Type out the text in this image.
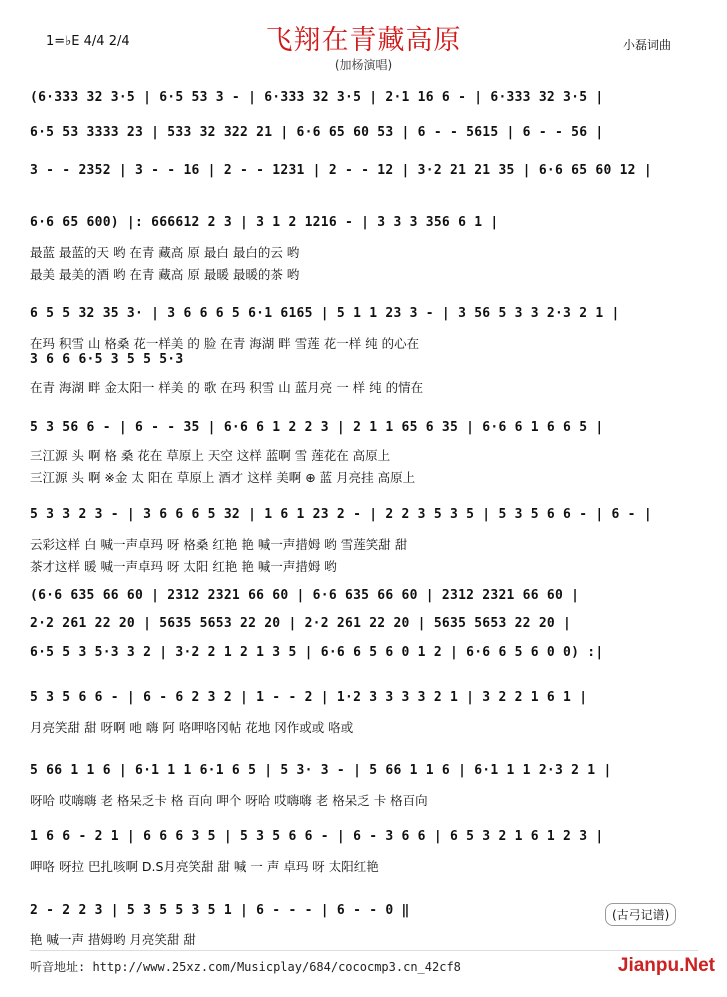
1=♭E 4/4 2/4	飞翔在青藏高原	小磊词曲
(加杨演唱)
(6·333 32 3·5 | 6·5 53 3 - | 6·333 32 3·5 | 2·1 16 6 - | 6·333 32 3·5 |
6·5 53 3333 23 | 533 32 322 21 | 6·6 65 60 53 | 6 - - 5615 | 6 - - 56 |
3 - - 2352 | 3 - - 16 | 2 - - 1231 | 2 - - 12 | 3·2 21 21 35 | 6·6 65 60 12 |
6·6 65 600) |: 666612 2 3 | 3 1 2 1216 - | 3 3 3 356 6 1 |
最蓝 最蓝的天 哟 在青 藏高 原 最白 最白的云 哟
最美 最美的酒 哟 在青 藏高 原 最暖 最暖的茶 哟
6 5 5 32 35 3· | 3 6 6 6 5 6·1 6165 | 5 1 1 23 3 - | 3 56 5 3 3 2·3 2 1 |
在玛 积雪 山 格桑 花一样美 的 脸 在青 海湖 畔 雪莲 花一样 纯 的心在
3 6 6 6·5 3 5 5 5·3
在青 海湖 畔 金太阳一 样美 的 歌 在玛 积雪 山 蓝月亮 一 样 纯 的情在
5 3 56 6 - | 6 - - 35 | 6·6 6 1 2 2 3 | 2 1 1 65 6 35 | 6·6 6 1 6 6 5 |
三江源 头 啊 格 桑 花在 草原上 天空 这样 蓝啊 雪 莲花在 高原上
三江源 头 啊 ※金 太 阳在 草原上 酒才 这样 美啊 ⊕ 蓝 月亮挂 高原上
5 3 3 2 3 - | 3 6 6 6 5 32 | 1 6 1 23 2 - | 2 2 3 5 3 5 | 5 3 5 6 6 - | 6 - |
云彩这样 白 喊一声卓玛 呀 格桑 红艳 艳 喊一声措姆 哟 雪莲笑甜 甜
茶才这样 暖 喊一声卓玛 呀 太阳 红艳 艳 喊一声措姆 哟
(6·6 635 66 60 | 2312 2321 66 60 | 6·6 635 66 60 | 2312 2321 66 60 |
2·2 261 22 20 | 5635 5653 22 20 | 2·2 261 22 20 | 5635 5653 22 20 |
6·5 5 3 5·3 3 2 | 3·2 2 1 2 1 3 5 | 6·6 6 5 6 0 1 2 | 6·6 6 5 6 0 0) :|
5 3 5 6 6 - | 6 - 6 2 3 2 | 1 - - 2 | 1·2 3 3 3 3 2 1 | 3 2 2 1 6 1 |
月亮笑甜 甜 呀啊 吔 嗨 阿 咯呷咯冈帖 花地 冈作或或 咯或
5 66 1 1 6 | 6·1 1 1 6·1 6 5 | 5 3· 3 - | 5 66 1 1 6 | 6·1 1 1 2·3 2 1 |
呀哈 哎嗨嗨 老 格呆乏卡 格 百向 呷个 呀哈 哎嗨嗨 老 格呆乏 卡 格百向
1 6 6 - 2 1 | 6 6 6 3 5 | 5 3 5 6 6 - | 6 - 3 6 6 | 6 5 3 2 1 6 1 2 3 |
呷咯 呀拉 巴扎咳啊 D.S月亮笑甜 甜 喊 一 声 卓玛 呀 太阳红艳
2 - 2 2 3 | 5 3 5 5 3 5 1 | 6 - - - | 6 - - 0 ‖
艳 喊一声 措姆哟 月亮笑甜 甜
(古弓记谱)
听音地址: http://www.25xz.com/Musicplay/684/cococmp3.cn_42cf8	Jianpu.Net
